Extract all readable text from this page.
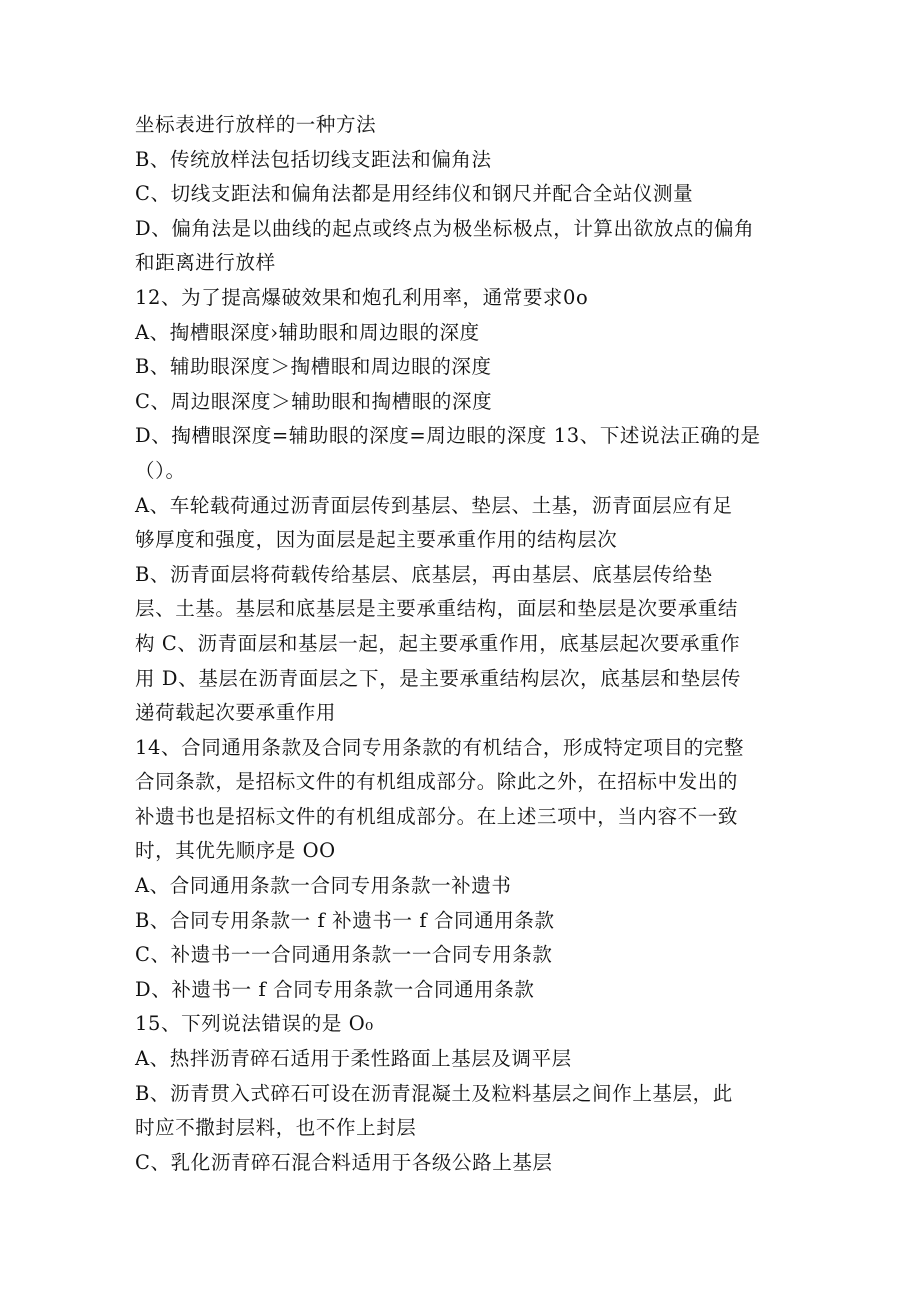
坐标表进行放样的一种方法

B、传统放样法包括切线支距法和偏角法

C、切线支距法和偏角法都是用经纬仪和钢尺并配合全站仪测量

D、偏角法是以曲线的起点或终点为极坐标极点，计算出欲放点的偏角

和距离进行放样

12、为了提高爆破效果和炮孔利用率，通常要求0o

A、掏槽眼深度›辅助眼和周边眼的深度

B、辅助眼深度＞掏槽眼和周边眼的深度

C、周边眼深度＞辅助眼和掏槽眼的深度

D、掏槽眼深度=辅助眼的深度=周边眼的深度 13、下述说法正确的是

（）。

A、车轮载荷通过沥青面层传到基层、垫层、土基，沥青面层应有足

够厚度和强度，因为面层是起主要承重作用的结构层次

B、沥青面层将荷载传给基层、底基层，再由基层、底基层传给垫

层、土基。基层和底基层是主要承重结构，面层和垫层是次要承重结

构 C、沥青面层和基层一起，起主要承重作用，底基层起次要承重作

用 D、基层在沥青面层之下，是主要承重结构层次，底基层和垫层传

递荷载起次要承重作用

14、合同通用条款及合同专用条款的有机结合，形成特定项目的完整

合同条款，是招标文件的有机组成部分。除此之外，在招标中发出的

补遗书也是招标文件的有机组成部分。在上述三项中，当内容不一致

时，其优先顺序是 OO

A、合同通用条款一合同专用条款一补遗书

B、合同专用条款一 f 补遗书一 f 合同通用条款

C、补遗书一一合同通用条款一一合同专用条款

D、补遗书一 f 合同专用条款一合同通用条款

15、下列说法错误的是 O₀

A、热拌沥青碎石适用于柔性路面上基层及调平层

B、沥青贯入式碎石可设在沥青混凝土及粒料基层之间作上基层，此

时应不撒封层料，也不作上封层

C、乳化沥青碎石混合料适用于各级公路上基层
